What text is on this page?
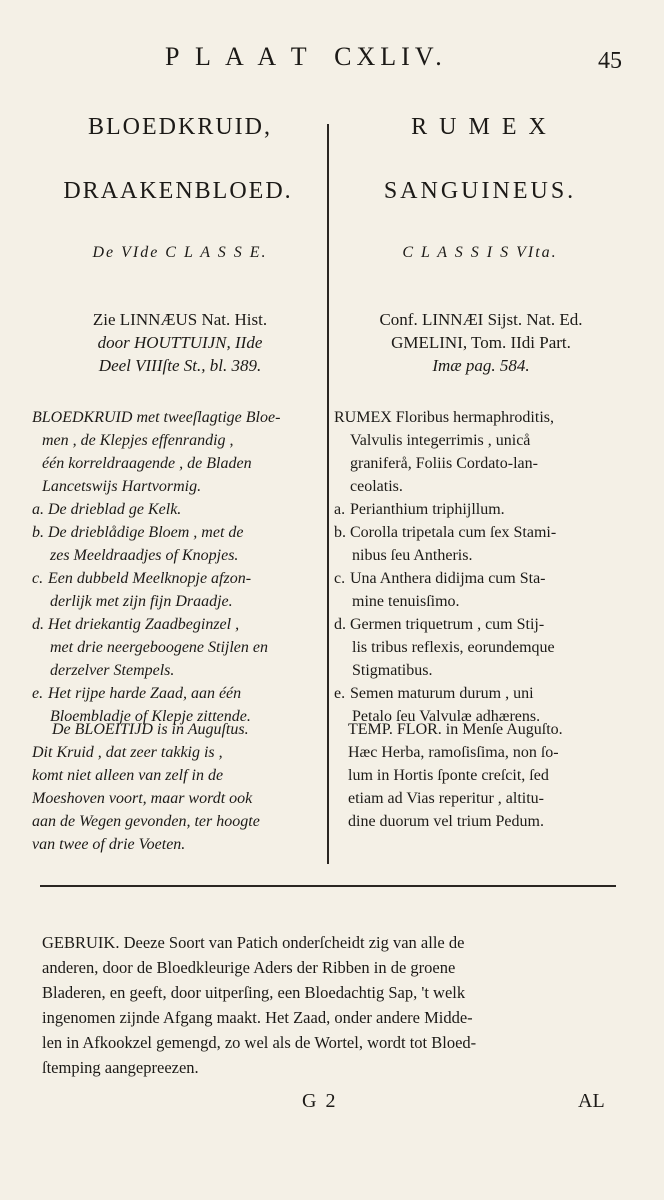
P L A A T  CXLIV.	45
BLOEDKRUID,
DRAAKENBLOED.
De VIde C L A S S E.
Zie LINNÆUS Nat. Hist.
door HOUTTUIJN, IIde
Deel VIIIſte St., bl. 389.
BLOEDKRUID met tweeſlagtige Bloe-
men , de Klepjes effenrandig ,
één korreldraagende , de Bladen
Lancetswijs Hartvormig.
a. De drieblad ge Kelk.
b. De drieblådige Bloem , met de
zes Meeldraadjes of Knopjes.
c. Een dubbeld Meelknopje afzon-
derlijk met zijn fijn Draadje.
d. Het driekantig Zaadbeginzel ,
met drie neergeboogene Stijlen en
derzelver Stempels.
e. Het rijpe harde Zaad, aan één
Bloembladje of Klepje zittende.
De BLOEITIJD is in Auguſtus.
Dit Kruid , dat zeer takkig is ,
komt niet alleen van zelf in de
Moeshoven voort, maar wordt ook
aan de Wegen gevonden, ter hoogte
van twee of drie Voeten.
R U M E X
SANGUINEUS.
C L A S S I S VIta.
Conf. LINNÆI Sijst. Nat. Ed.
GMELINI, Tom. IIdi Part.
Imæ pag. 584.
RUMEX Floribus hermaphroditis,
Valvulis integerrimis , unicå
graniferå, Foliis Cordato-lan-
ceolatis.
a. Perianthium triphijllum.
b. Corolla tripetala cum ſex Stami-
nibus ſeu Antheris.
c. Una Anthera didijma cum Sta-
mine tenuisſimo.
d. Germen triquetrum , cum Stij-
lis tribus reflexis, eorundemque
Stigmatibus.
e. Semen maturum durum , uni
Petalo ſeu Valvulæ adhærens.
TEMP. FLOR. in Menſe Auguſto.
Hæc Herba, ramoſisſima, non ſo-
lum in Hortis ſponte creſcit, ſed
etiam ad Vias reperitur , altitu-
dine duorum vel trium Pedum.
GEBRUIK. Deeze Soort van Patich onderſcheidt zig van alle de
anderen, door de Bloedkleurige Aders der Ribben in de groene
Bladeren, en geeft, door uitperſing, een Bloedachtig Sap, 't welk
ingenomen zijnde Afgang maakt. Het Zaad, onder andere Midde-
len in Afkookzel gemengd, zo wel als de Wortel, wordt tot Bloed-
ſtemping aangepreezen.
G 2	AL
